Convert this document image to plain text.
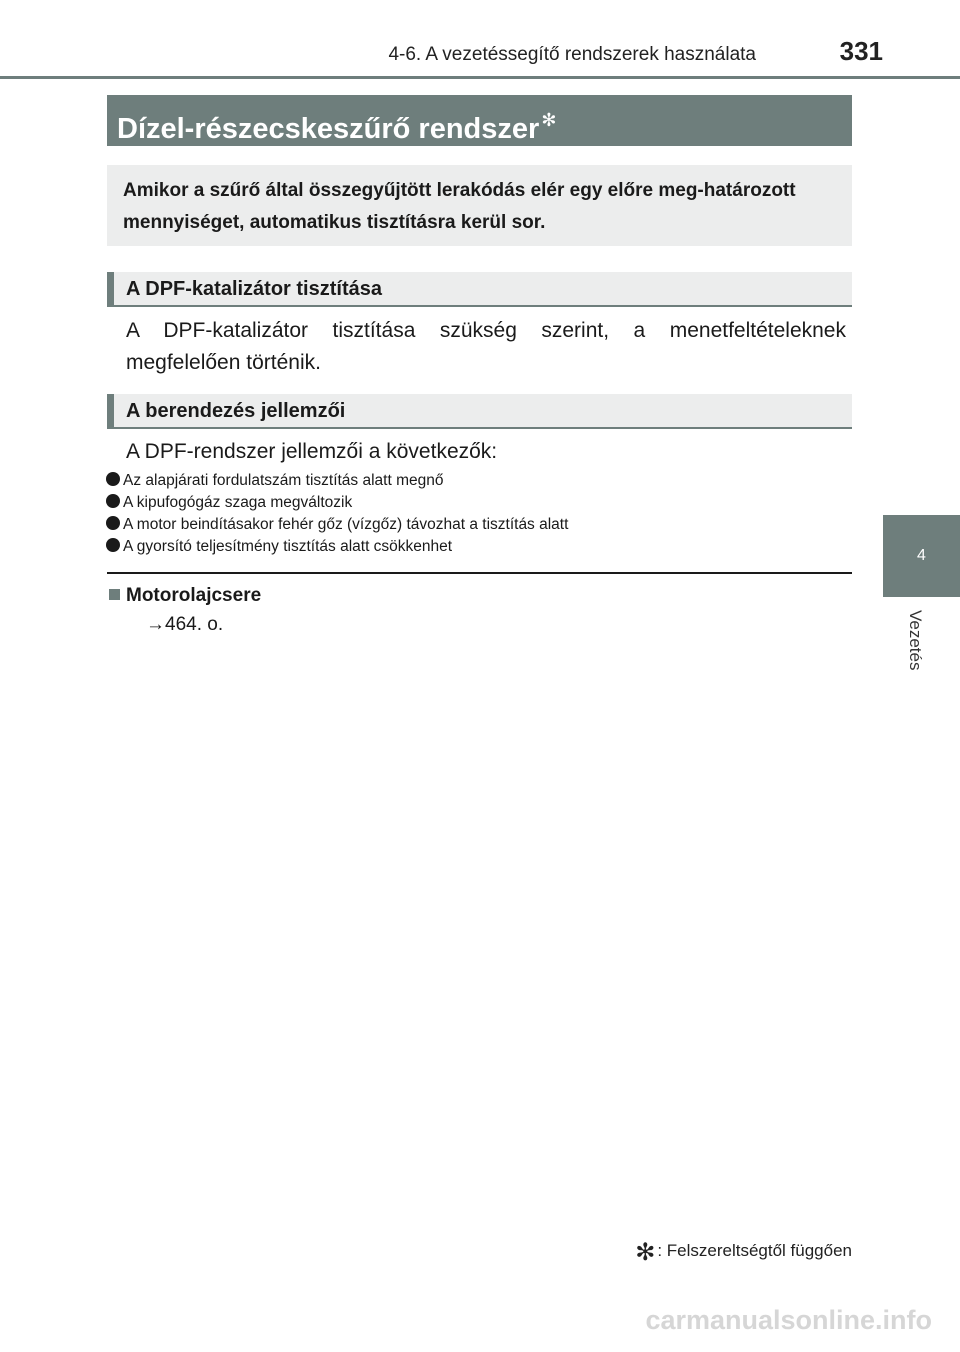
4-6. A vezetéssegítő rendszerek használata	331
Dízel-részecskeszűrő rendszer ✻
Amikor a szűrő által összegyűjtött lerakódás elér egy előre meg-határozott mennyiséget, automatikus tisztításra kerül sor.
A DPF-katalizátor tisztítása
A DPF-katalizátor tisztítása szükség szerint, a menetfeltételeknek megfelelően történik.
A berendezés jellemzői
A DPF-rendszer jellemzői a következők:
Az alapjárati fordulatszám tisztítás alatt megnő
A kipufogógáz szaga megváltozik
A motor beindításakor fehér gőz (vízgőz) távozhat a tisztítás alatt
A gyorsító teljesítmény tisztítás alatt csökkenhet
Motorolajcsere
→464. o.
4
Vezetés
✻ : Felszereltségtől függően
carmanualsonline.info
